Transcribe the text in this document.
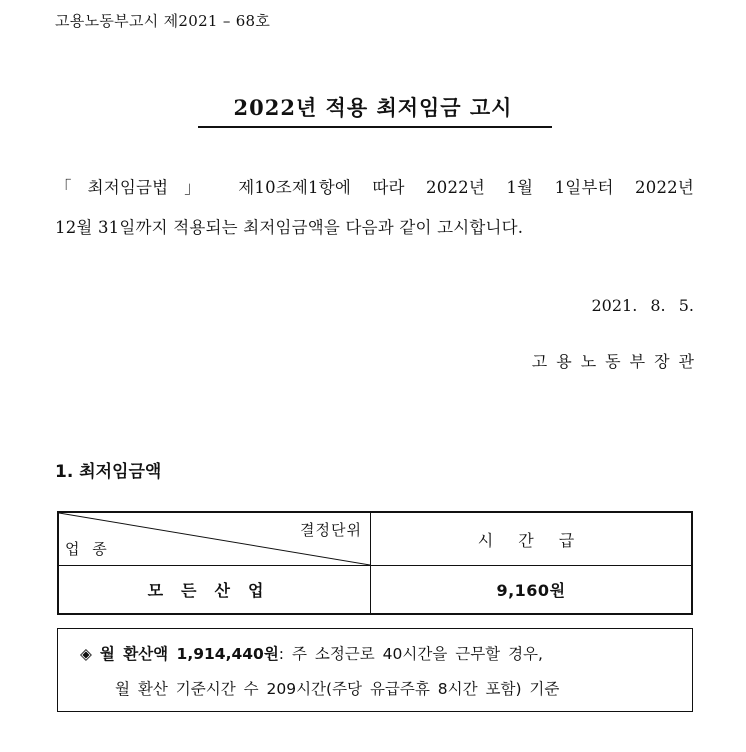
고용노동부고시 제2021 – 68호
2022년 적용 최저임금 고시
「최저임금법」 제10조제1항에 따라 2022년 1월 1일부터 2022년
12월 31일까지 적용되는 최저임금액을 다음과 같이 고시합니다.
2021. 8. 5.
고용노동부장관
1. 최저임금액
결정단위
업 종	시 간 급
모든산업	9,160원
◈ 월 환산액 1,914,440원: 주 소정근로 40시간을 근무할 경우,
월 환산 기준시간 수 209시간(주당 유급주휴 8시간 포함) 기준
